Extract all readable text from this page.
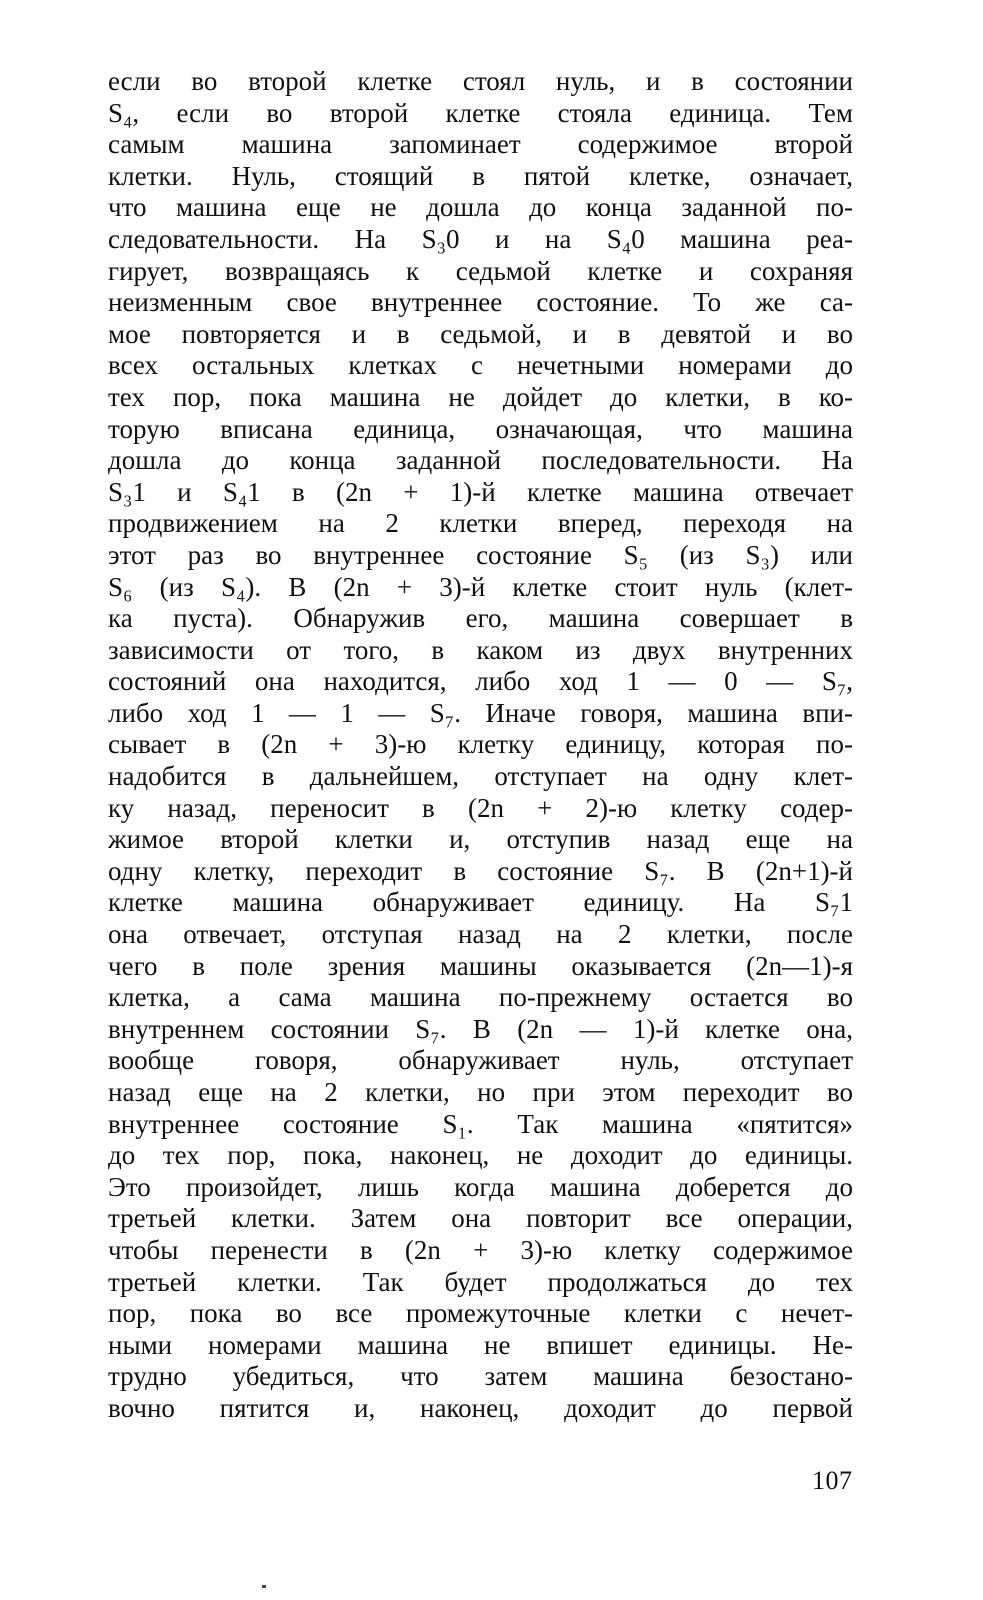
если во второй клетке стоял нуль, и в состоянии
S₄, если во второй клетке стояла единица. Тем
самым машина запоминает содержимое второй
клетки. Нуль, стоящий в пятой клетке, означает,
что машина еще не дошла до конца заданной по-
следовательности. На S₃0 и на S₄0 машина реа-
гирует, возвращаясь к седьмой клетке и сохраняя
неизменным свое внутреннее состояние. То же са-
мое повторяется и в седьмой, и в девятой и во
всех остальных клетках с нечетными номерами до
тех пор, пока машина не дойдет до клетки, в ко-
торую вписана единица, означающая, что машина
дошла до конца заданной последовательности. На
S₃1 и S₄1 в (2n + 1)-й клетке машина отвечает
продвижением на 2 клетки вперед, переходя на
этот раз во внутреннее состояние S₅ (из S₃) или
S₆ (из S₄). В (2n + 3)-й клетке стоит нуль (клет-
ка пуста). Обнаружив его, машина совершает в
зависимости от того, в каком из двух внутренних
состояний она находится, либо ход 1 — 0 — S₇,
либо ход 1 — 1 — S₇. Иначе говоря, машина впи-
сывает в (2n + 3)-ю клетку единицу, которая по-
надобится в дальнейшем, отступает на одну клет-
ку назад, переносит в (2n + 2)-ю клетку содер-
жимое второй клетки и, отступив назад еще на
одну клетку, переходит в состояние S₇. В (2n+1)-й
клетке машина обнаруживает единицу. На S₇1
она отвечает, отступая назад на 2 клетки, после
чего в поле зрения машины оказывается (2n—1)-я
клетка, а сама машина по-прежнему остается во
внутреннем состоянии S₇. В (2n — 1)-й клетке она,
вообще говоря, обнаруживает нуль, отступает
назад еще на 2 клетки, но при этом переходит во
внутреннее состояние S₁. Так машина «пятится»
до тех пор, пока, наконец, не доходит до единицы.
Это произойдет, лишь когда машина доберется до
третьей клетки. Затем она повторит все операции,
чтобы перенести в (2n + 3)-ю клетку содержимое
третьей клетки. Так будет продолжаться до тех
пор, пока во все промежуточные клетки с нечет-
ными номерами машина не впишет единицы. Не-
трудно убедиться, что затем машина безостано-
вочно пятится и, наконец, доходит до первой
107
